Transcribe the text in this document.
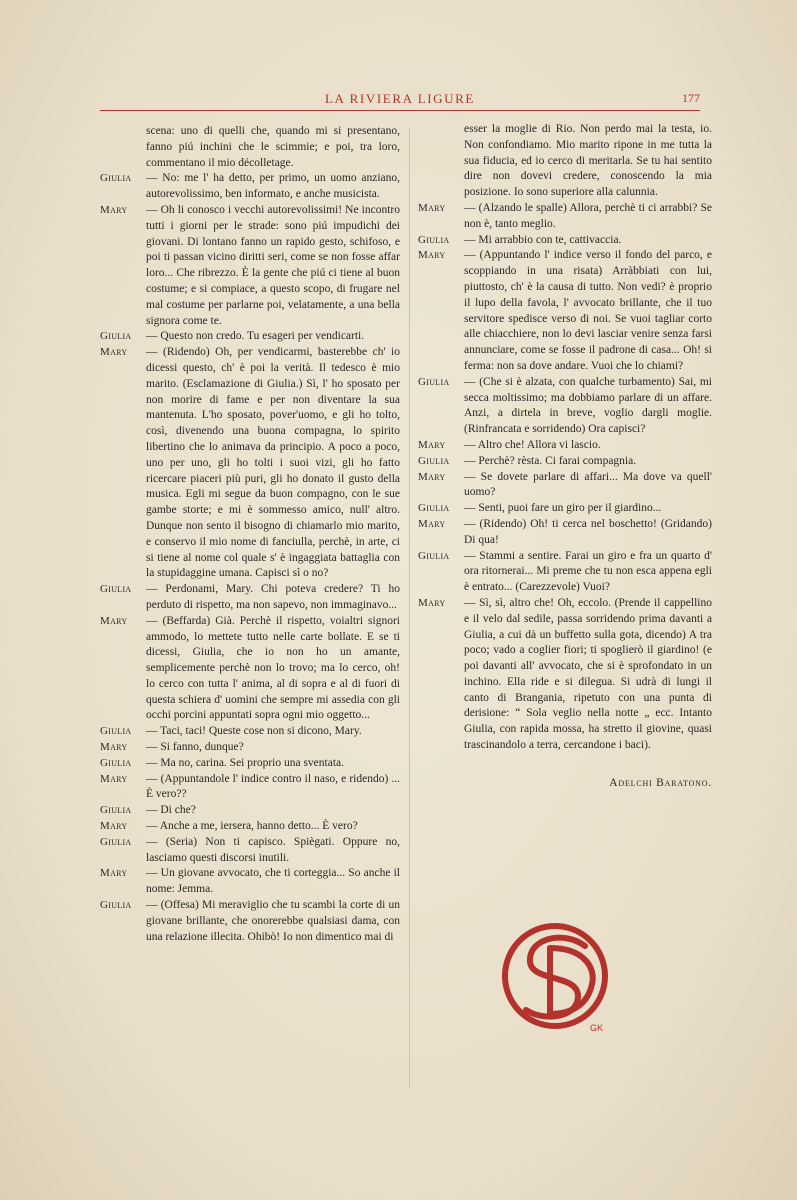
LA RIVIERA LIGURE	177
scena: uno di quelli che, quando mi si presentano, fanno piú inchini che le scimmie; e poi, tra loro, commentano il mio décolletage.
Giulia	— No: me l' ha detto, per primo, un uomo anziano, autorevolissimo, ben informato, e anche musicista.
Mary	— Oh li conosco i vecchi autorevolissimi! Ne incontro tutti i giorni per le strade: sono piú impudichi dei giovani. Di lontano fanno un rapido gesto, schifoso, e poi ti passan vicino diritti seri, come se non fosse affar loro... Che ribrezzo. È la gente che piú ci tiene al buon costume; e si compiace, a questo scopo, di frugare nel mal costume per parlarne poi, velatamente, a una bella signora come te.
Giulia	— Questo non credo. Tu esageri per vendicarti.
Mary	— (Ridendo) Oh, per vendicarmi, basterebbe ch' io dicessi questo, ch' è poi la verità. Il tedesco è mio marito. (Esclamazione di Giulia.) Sì, l' ho sposato per non morire di fame e per non diventare la sua mantenuta. L'ho sposato, pover'uomo, e gli ho tolto, così, divenendo una buona compagna, lo spirito libertino che lo animava da principio. A poco a poco, uno per uno, gli ho tolti i suoi vizi, gli ho fatto ricercare piaceri più puri, gli ho donato il gusto della musica. Egli mi segue da buon compagno, con le sue gambe storte; e mi è sommesso amico, null' altro. Dunque non sento il bisogno di chiamarlo mio marito, e conservo il mio nome di fanciulla, perchè, in arte, ci si tiene al nome col quale s' è ingaggiata battaglia con la stupidaggine umana. Capisci sì o no?
Giulia	— Perdonami, Mary. Chi poteva credere? Ti ho perduto di rispetto, ma non sapevo, non immaginavo...
Mary	— (Beffarda) Già. Perchè il rispetto, voialtri signori ammodo, lo mettete tutto nelle carte bollate. E se ti dicessi, Giulia, che io non ho un amante, semplicemente perchè non lo trovo; ma lo cerco, oh! lo cerco con tutta l' anima, al di sopra e al di fuori di questa schiera d' uomini che sempre mi assedia con gli occhi porcini appuntati sopra ogni mio oggetto...
Giulia	— Taci, taci! Queste cose non si dicono, Mary.
Mary	— Si fanno, dunque?
Giulia	— Ma no, carina. Sei proprio una sventata.
Mary	— (Appuntandole l' indice contro il naso, e ridendo) ... È vero??
Giulia	— Di che?
Mary	— Anche a me, iersera, hanno detto... È vero?
Giulia	— (Seria) Non ti capisco. Spiègati. Oppure no, lasciamo questi discorsi inutili.
Mary	— Un giovane avvocato, che ti corteggia... So anche il nome: Jemma.
Giulia	— (Offesa) Mi meraviglio che tu scambi la corte di un giovane brillante, che onorerebbe qualsiasi dama, con una relazione illecita. Ohibò! Io non dimentico mai di
esser la moglie di Rio. Non perdo mai la testa, io. Non confondiamo. Mio marito ripone in me tutta la sua fiducia, ed io cerco di meritarla. Se tu hai sentito dire non dovevi credere, conoscendo la mia posizione. Io sono superiore alla calunnia.
Mary	— (Alzando le spalle) Allora, perchè ti ci arrabbi? Se non è, tanto meglio.
Giulia	— Mi arrabbio con te, cattivaccia.
Mary	— (Appuntando l' indice verso il fondo del parco, e scoppiando in una risata) Arràbbiati con lui, piuttosto, ch' è la causa di tutto. Non vedi? è proprio il lupo della favola, l' avvocato brillante, che il tuo servitore spedisce verso di noi. Se vuoi tagliar corto alle chiacchiere, non lo devi lasciar venire senza farsi annunciare, come se fosse il padrone di casa... Oh! si ferma: non sa dove andare. Vuoi che lo chiami?
Giulia	— (Che si è alzata, con qualche turbamento) Sai, mi secca moltissimo; ma dobbiamo parlare di un affare. Anzi, a dirtela in breve, voglio dargli moglie. (Rinfrancata e sorridendo) Ora capisci?
Mary	— Altro che! Allora vi lascio.
Giulia	— Perchè? rèsta. Ci farai compagnia.
Mary	— Se dovete parlare di affari... Ma dove va quell' uomo?
Giulia	— Senti, puoi fare un giro per il giardino...
Mary	— (Ridendo) Oh! ti cerca nel boschetto! (Gridando) Di qua!
Giulia	— Stammi a sentire. Farai un giro e fra un quarto d' ora ritornerai... Mi preme che tu non esca appena egli è entrato... (Carezzevole) Vuoi?
Mary	— Sì, sì, altro che! Oh, eccolo. (Prende il cappellino e il velo dal sedile, passa sorridendo prima davanti a Giulia, a cui dà un buffetto sulla gota, dicendo) A tra poco; vado a coglier fiori; ti spoglierò il giardino! (e poi davanti all' avvocato, che si è sprofondato in un inchino. Ella ride e si dilegua. Si udrà di lungi il canto di Brangania, ripetuto con una punta di derisione: “ Sola veglio nella notte „ ecc. Intanto Giulia, con rapida mossa, ha stretto il giovine, quasi trascinandolo a terra, cercandone i baci).
Adelchi Baratono.
GK
